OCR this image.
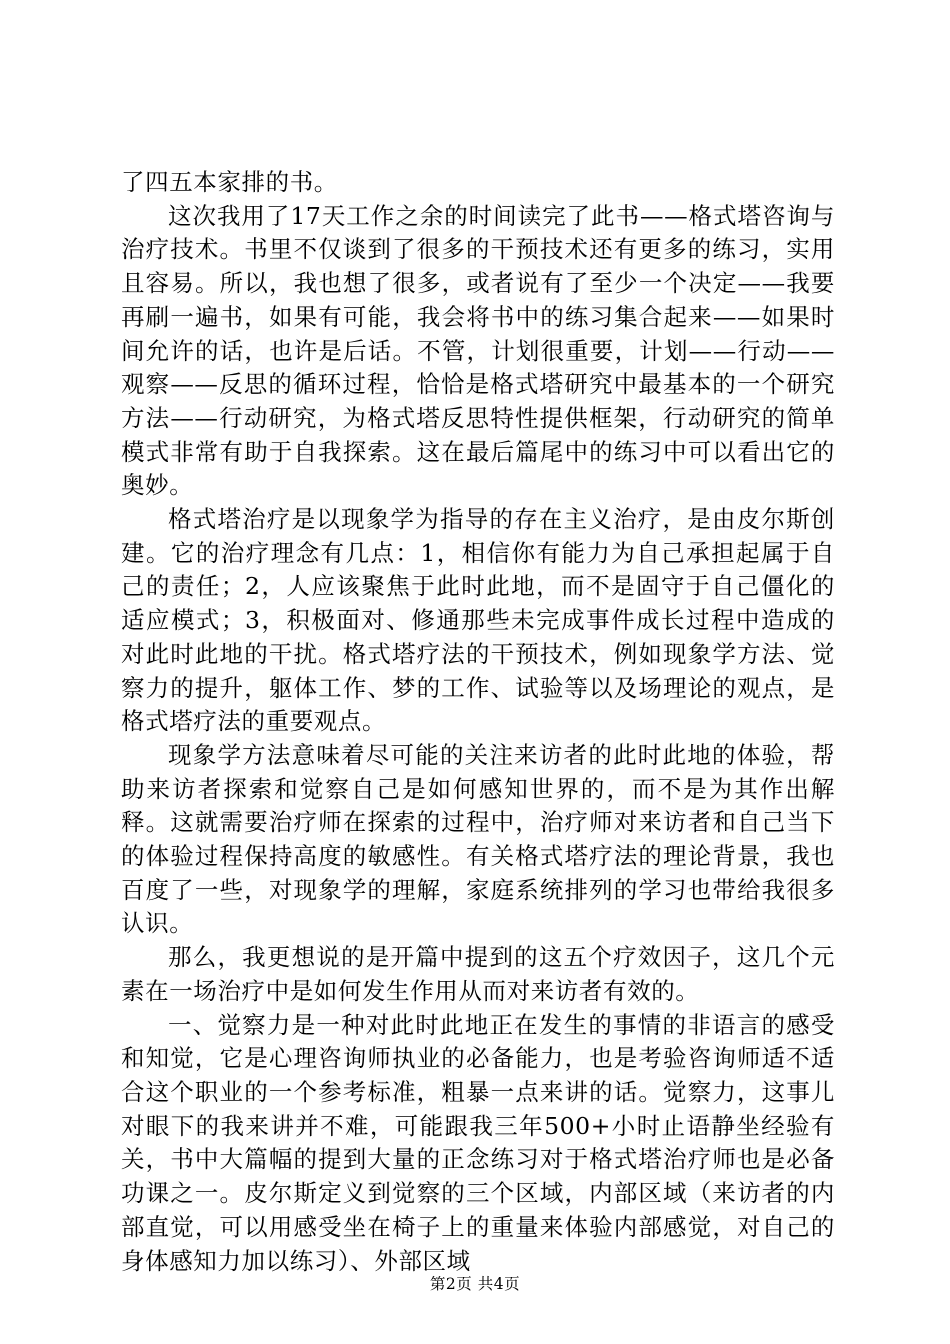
了四五本家排的书。

这次我用了17天工作之余的时间读完了此书——格式塔咨询与治疗技术。书里不仅谈到了很多的干预技术还有更多的练习，实用且容易。所以，我也想了很多，或者说有了至少一个决定——我要再刷一遍书，如果有可能，我会将书中的练习集合起来——如果时间允许的话，也许是后话。不管，计划很重要，计划——行动——观察——反思的循环过程，恰恰是格式塔研究中最基本的一个研究方法——行动研究，为格式塔反思特性提供框架，行动研究的简单模式非常有助于自我探索。这在最后篇尾中的练习中可以看出它的奥妙。

格式塔治疗是以现象学为指导的存在主义治疗，是由皮尔斯创建。它的治疗理念有几点：1，相信你有能力为自己承担起属于自己的责任；2，人应该聚焦于此时此地，而不是固守于自己僵化的适应模式；3，积极面对、修通那些未完成事件成长过程中造成的对此时此地的干扰。格式塔疗法的干预技术，例如现象学方法、觉察力的提升，躯体工作、梦的工作、试验等以及场理论的观点，是格式塔疗法的重要观点。

现象学方法意味着尽可能的关注来访者的此时此地的体验，帮助来访者探索和觉察自己是如何感知世界的，而不是为其作出解释。这就需要治疗师在探索的过程中，治疗师对来访者和自己当下的体验过程保持高度的敏感性。有关格式塔疗法的理论背景，我也百度了一些，对现象学的理解，家庭系统排列的学习也带给我很多认识。

那么，我更想说的是开篇中提到的这五个疗效因子，这几个元素在一场治疗中是如何发生作用从而对来访者有效的。

一、觉察力是一种对此时此地正在发生的事情的非语言的感受和知觉，它是心理咨询师执业的必备能力，也是考验咨询师适不适合这个职业的一个参考标准，粗暴一点来讲的话。觉察力，这事儿对眼下的我来讲并不难，可能跟我三年500+小时止语静坐经验有关，书中大篇幅的提到大量的正念练习对于格式塔治疗师也是必备功课之一。皮尔斯定义到觉察的三个区域，内部区域（来访者的内部直觉，可以用感受坐在椅子上的重量来体验内部感觉，对自己的身体感知力加以练习）、外部区域

第2页 共4页
